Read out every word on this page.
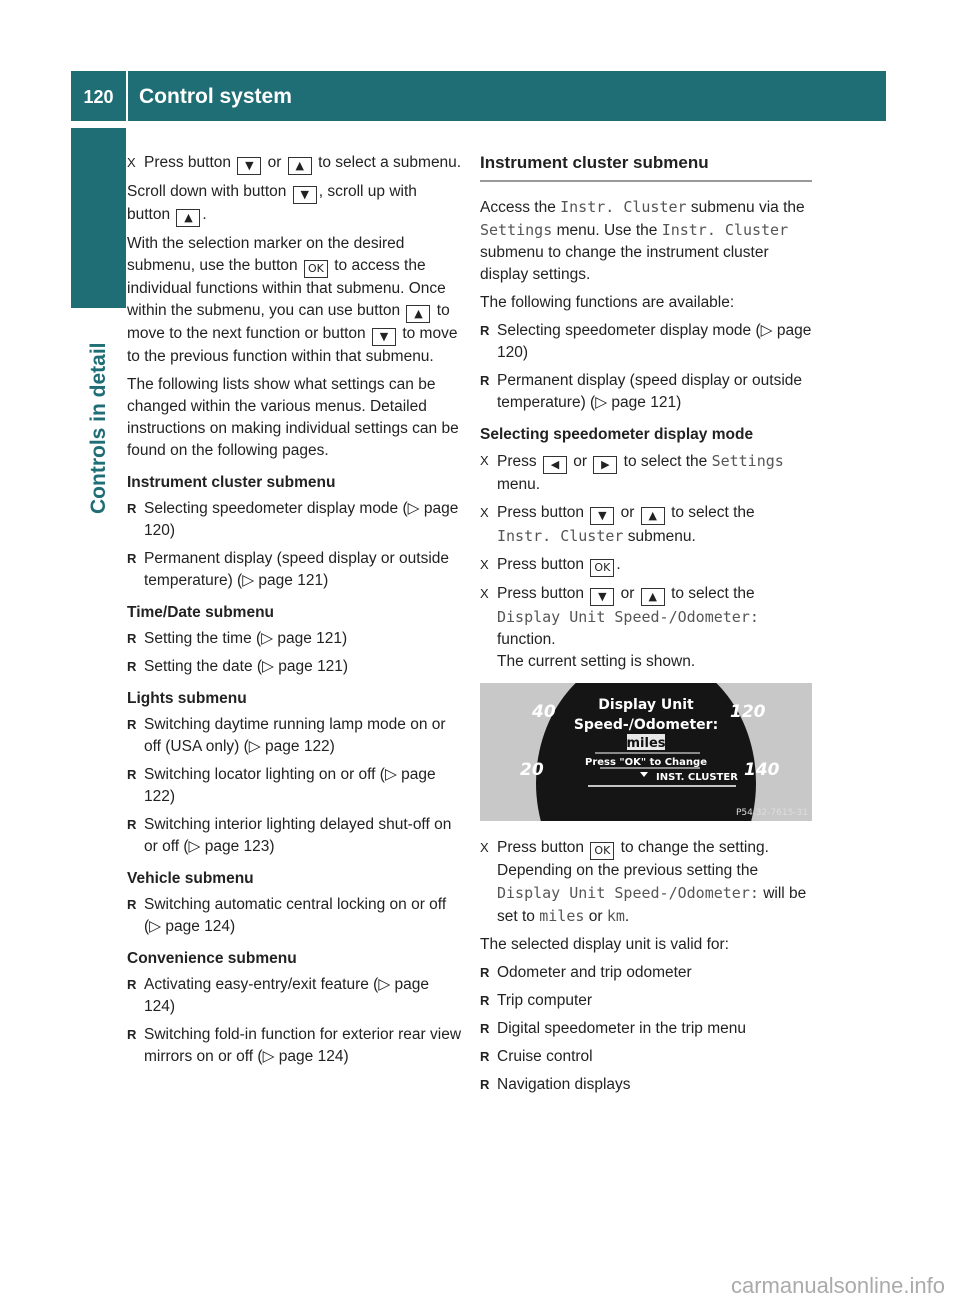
120	Control system
Controls in detail
X Press button ▼ or ▲ to select a submenu.

Scroll down with button ▼ , scroll up with button ▲ .

With the selection marker on the desired submenu, use the button OK to access the individual functions within that submenu. Once within the submenu, you can use button ▲ to move to the next function or button ▼ to move to the previous function within that submenu.

The following lists show what settings can be changed within the various menus. Detailed instructions on making individual settings can be found on the following pages.

Instrument cluster submenu
R Selecting speedometer display mode (▷ page 120)
R Permanent display (speed display or outside temperature) (▷ page 121)
Time/Date submenu
R Setting the time (▷ page 121)
R Setting the date (▷ page 121)
Lights submenu
R Switching daytime running lamp mode on or off (USA only) (▷ page 122)
R Switching locator lighting on or off (▷ page 122)
R Switching interior lighting delayed shut-off on or off (▷ page 123)
Vehicle submenu
R Switching automatic central locking on or off (▷ page 124)
Convenience submenu
R Activating easy-entry/exit feature (▷ page 124)
R Switching fold-in function for exterior rear view mirrors on or off (▷ page 124)
Instrument cluster submenu

Access the Instr. Cluster submenu via the Settings menu. Use the Instr. Cluster submenu to change the instrument cluster display settings.

The following functions are available:

R Selecting speedometer display mode (▷ page 120)
R Permanent display (speed display or outside temperature) (▷ page 121)
Selecting speedometer display mode
X Press ◀ or ▶ to select the Settings menu.
X Press button ▼ or ▲ to select the Instr. Cluster submenu.
X Press button OK .
X Press button ▼ or ▲ to select the Display Unit Speed-/Odometer: function.
The current setting is shown.
40
20
120
140
Display Unit
Speed-/Odometer:
miles
Press "OK" to Change
INST. CLUSTER
P54.32-7615-31
X Press button OK to change the setting.
Depending on the previous setting the Display Unit Speed-/Odometer: will be set to miles or km.

The selected display unit is valid for:

R Odometer and trip odometer
R Trip computer
R Digital speedometer in the trip menu
R Cruise control
R Navigation displays
carmanualsonline.info
